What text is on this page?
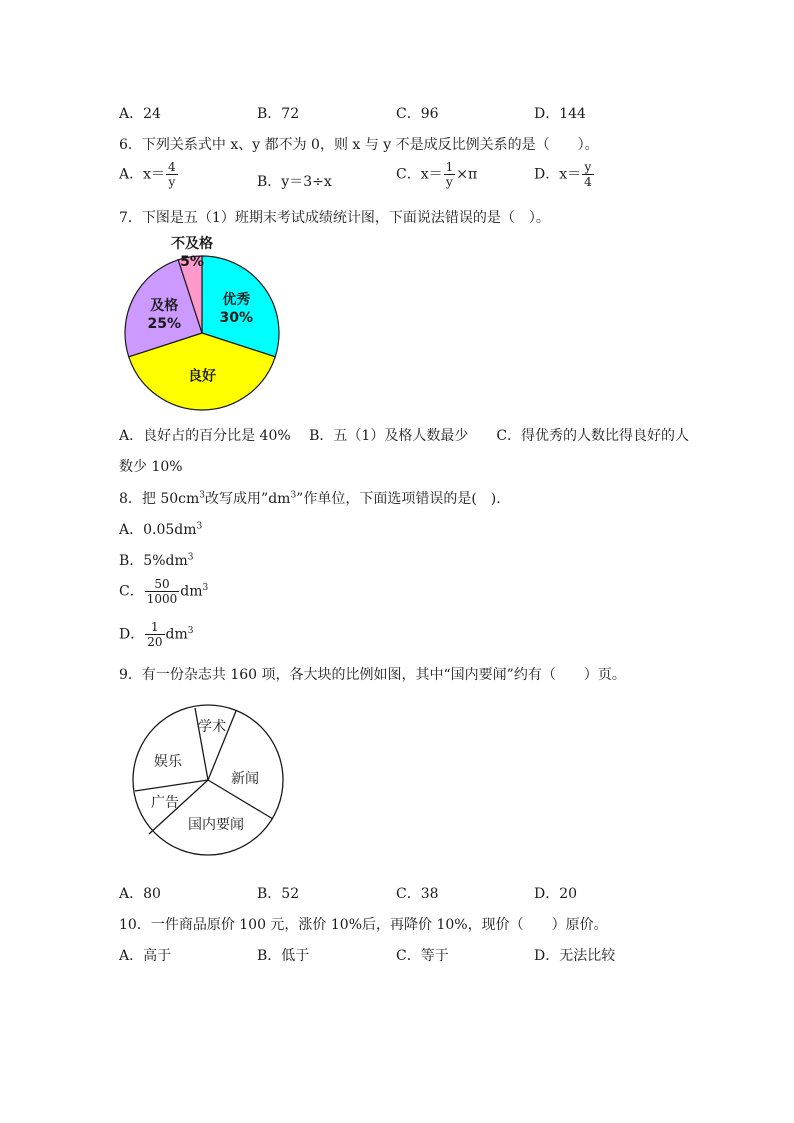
A．24	B．72	C．96	D．144
6．下列关系式中 x、y 都不为 0，则 x 与 y 不是成反比例关系的是（　　）。
A．$x= \frac{4}{y}$	B．y＝3÷x	C．$x= \frac{1}{y} \times\pi$	D．$x= \frac{y}{4}$
7．下图是五（1）班期末考试成绩统计图，下面说法错误的是（　）。
优秀
30%
良好
及格
25%
不及格
5%
A．良好占的百分比是 40%　 B．五（1）及格人数最少　　C．得优秀的人数比得良好的人
数少 10%
8．把 $50cm^3$改写成用$”dm^3$”作单位，下面选项错误的是(　).
A．$0.05dm^3$
B．$5\%dm^3$
C． $\frac{50}{1000} dm^3$
D． $\frac{1}{20} dm^3$
9．有一份杂志共 160 项，各大块的比例如图，其中“国内要闻”约有（　　）页。
学术
新闻
国内要闻
广告
娱乐
A．80	B．52	C．38	D．20
10．一件商品原价 100 元，涨价 10%后，再降价 10%，现价（　　）原价。
A．高于	B．低于	C．等于	D．无法比较
